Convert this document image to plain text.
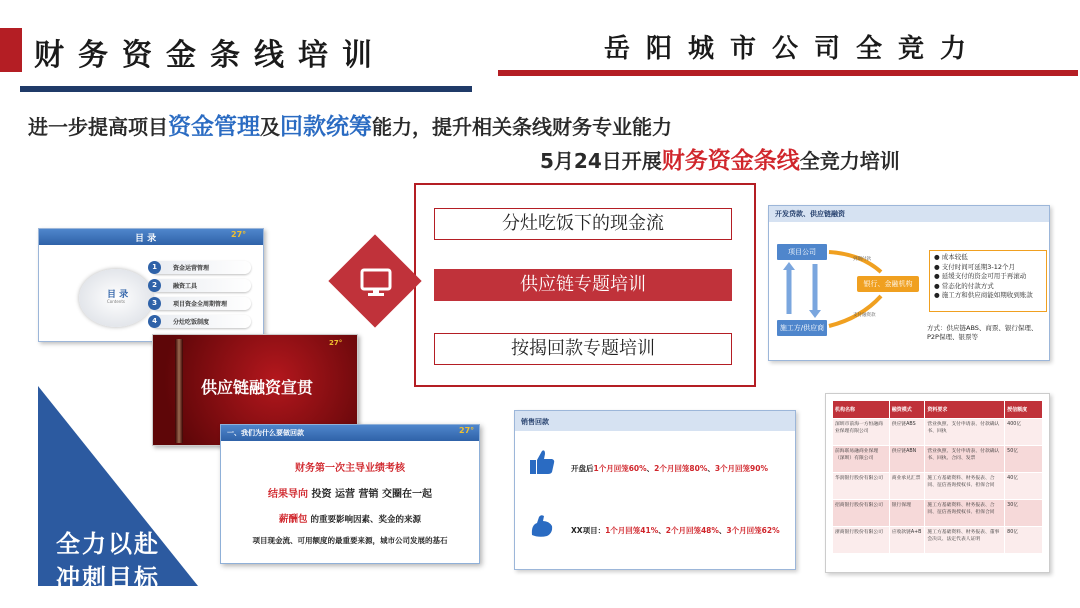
财务资金条线培训	岳阳城市公司全竞力
进一步提高项目资金管理及回款统筹能力，提升相关条线财务专业能力
5月24日开展财务资金条线全竞力培训
目 录	27°
目 录
Contents
1	资金运营管理
2	融资工具
3	项目资金全周期管理
4	分灶吃饭制度
27°
供应链融资宣贯
全力以赴
冲刺目标
一、我们为什么要做回款	27°
财务第一次主导业绩考核
结果导向 投资 运营 营销 交圈在一起
薪酬包 的重要影响因素、奖金的来源
项目现金流、可用额度的最重要来源，城市公司发展的基石
分灶吃饭下的现金流
供应链专题培训
按揭回款专题培训
开发贷款、供应链融资
项目公司
银行、金融机构
施工方/供应商
到期付款
支付融资款
● 成本较低
● 支付时间可延期3-12个月
● 延缓支付的资金可用于再滚动
● 常态化的付款方式
● 施工方和供应商能如期收到账款
方式：供应链ABS、商票、银行保理、P2P保理、银票等
销售回款
开盘后1个月回笼60%、2个月回笼80%、3个月回笼90%
XX项目：1个月回笼41%、2个月回笼48%、3个月回笼62%
机构名称	融资模式	资料要求	授信额度
深圳市前海一方恒融商业保理有限公司	供应链ABS	营业执照、支付申请表、付款确认书、回执	400亿
前海联易融商业保理（深圳）有限公司	供应链ABN	营业执照、支付申请表、付款确认书、回执、合同、发票	50亿
华润银行股份有限公司	商业承兑汇票	施工方基础资料、财务报表、合同、征信查询授权书、担保合同	40亿
招商银行股份有限公司	银行保理	施工方基础资料、财务报表、合同、征信查询授权书、担保合同	30亿
浙商银行股份有限公司	应收款链A+B	施工方基础资料、财务报表、董事会决议、法定代表人证明	80亿
